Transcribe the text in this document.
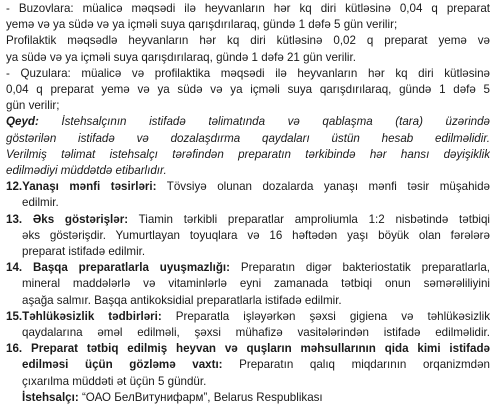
- Buzovlara: müalicə məqsədi ilə heyvanların hər kq diri kütləsinə 0,04 q preparat
yemə və ya südə və ya içməli suya qarışdırılaraq, gündə 1 dəfə 5 gün verilir;
Profilaktik məqsədlə heyvanların hər kq diri kütləsinə 0,02 q preparat yemə və
ya südə və ya içməli suya qarışdırılaraq, gündə 1 dəfə 21 gün verilir.
- Quzulara: müalicə və profilaktika məqsədi ilə heyvanların hər kq diri kütləsinə
0,04 q preparat yemə və ya südə və ya içməli suya qarışdırılaraq, gündə 1 dəfə 5
gün verilir;
Qeyd: İstehsalçının istifadə təlimatında və qablaşma (tara) üzərində
göstərilən istifadə və dozalaşdırma qaydaları üstün hesab edilməlidir.
Verilmiş təlimat istehsalçı tərəfindən preparatın tərkibində hər hansı dəyişiklik
edilmədiyi müddətdə etibarlıdır.
12.Yanaşı mənfi təsirləri: Tövsiyə olunan dozalarda yanaşı mənfi təsir müşahidə
edilmir.
13. Əks göstərişlər: Tiamin tərkibli preparatlar amproliumla 1:2 nisbətində tətbiqi
əks göstərişdir. Yumurtlayan toyuqlara və 16 həftədən yaşı böyük olan fərələrə
preparat istifadə edilmir.
14. Başqa preparatlarla uyuşmazlığı: Preparatın digər bakteriostatik preparatlarla,
mineral maddələrlə və vitaminlərlə eyni zamanada tətbiqi onun səmərəliliyini
aşağa salmır. Başqa antikoksidial preparatlarla istifadə edilmir.
15.Təhlükəsizlik tədbirləri: Preparatla işləyərkən şəxsi gigiena və təhlükəsizlik
qaydalarına əməl edilməli, şəxsi mühafizə vasitələrindən istifadə edilməlidir.
16. Preparat tətbiq edilmiş heyvan və quşların məhsullarının qida kimi istifadə
edilməsi üçün gözləmə vaxtı: Preparatın qalıq miqdarının orqanizmdən
çıxarılma müddəti ət üçün 5 gündür.
İstehsalçı: “ОАО БелВитунифарм”, Belarus Respublikası
